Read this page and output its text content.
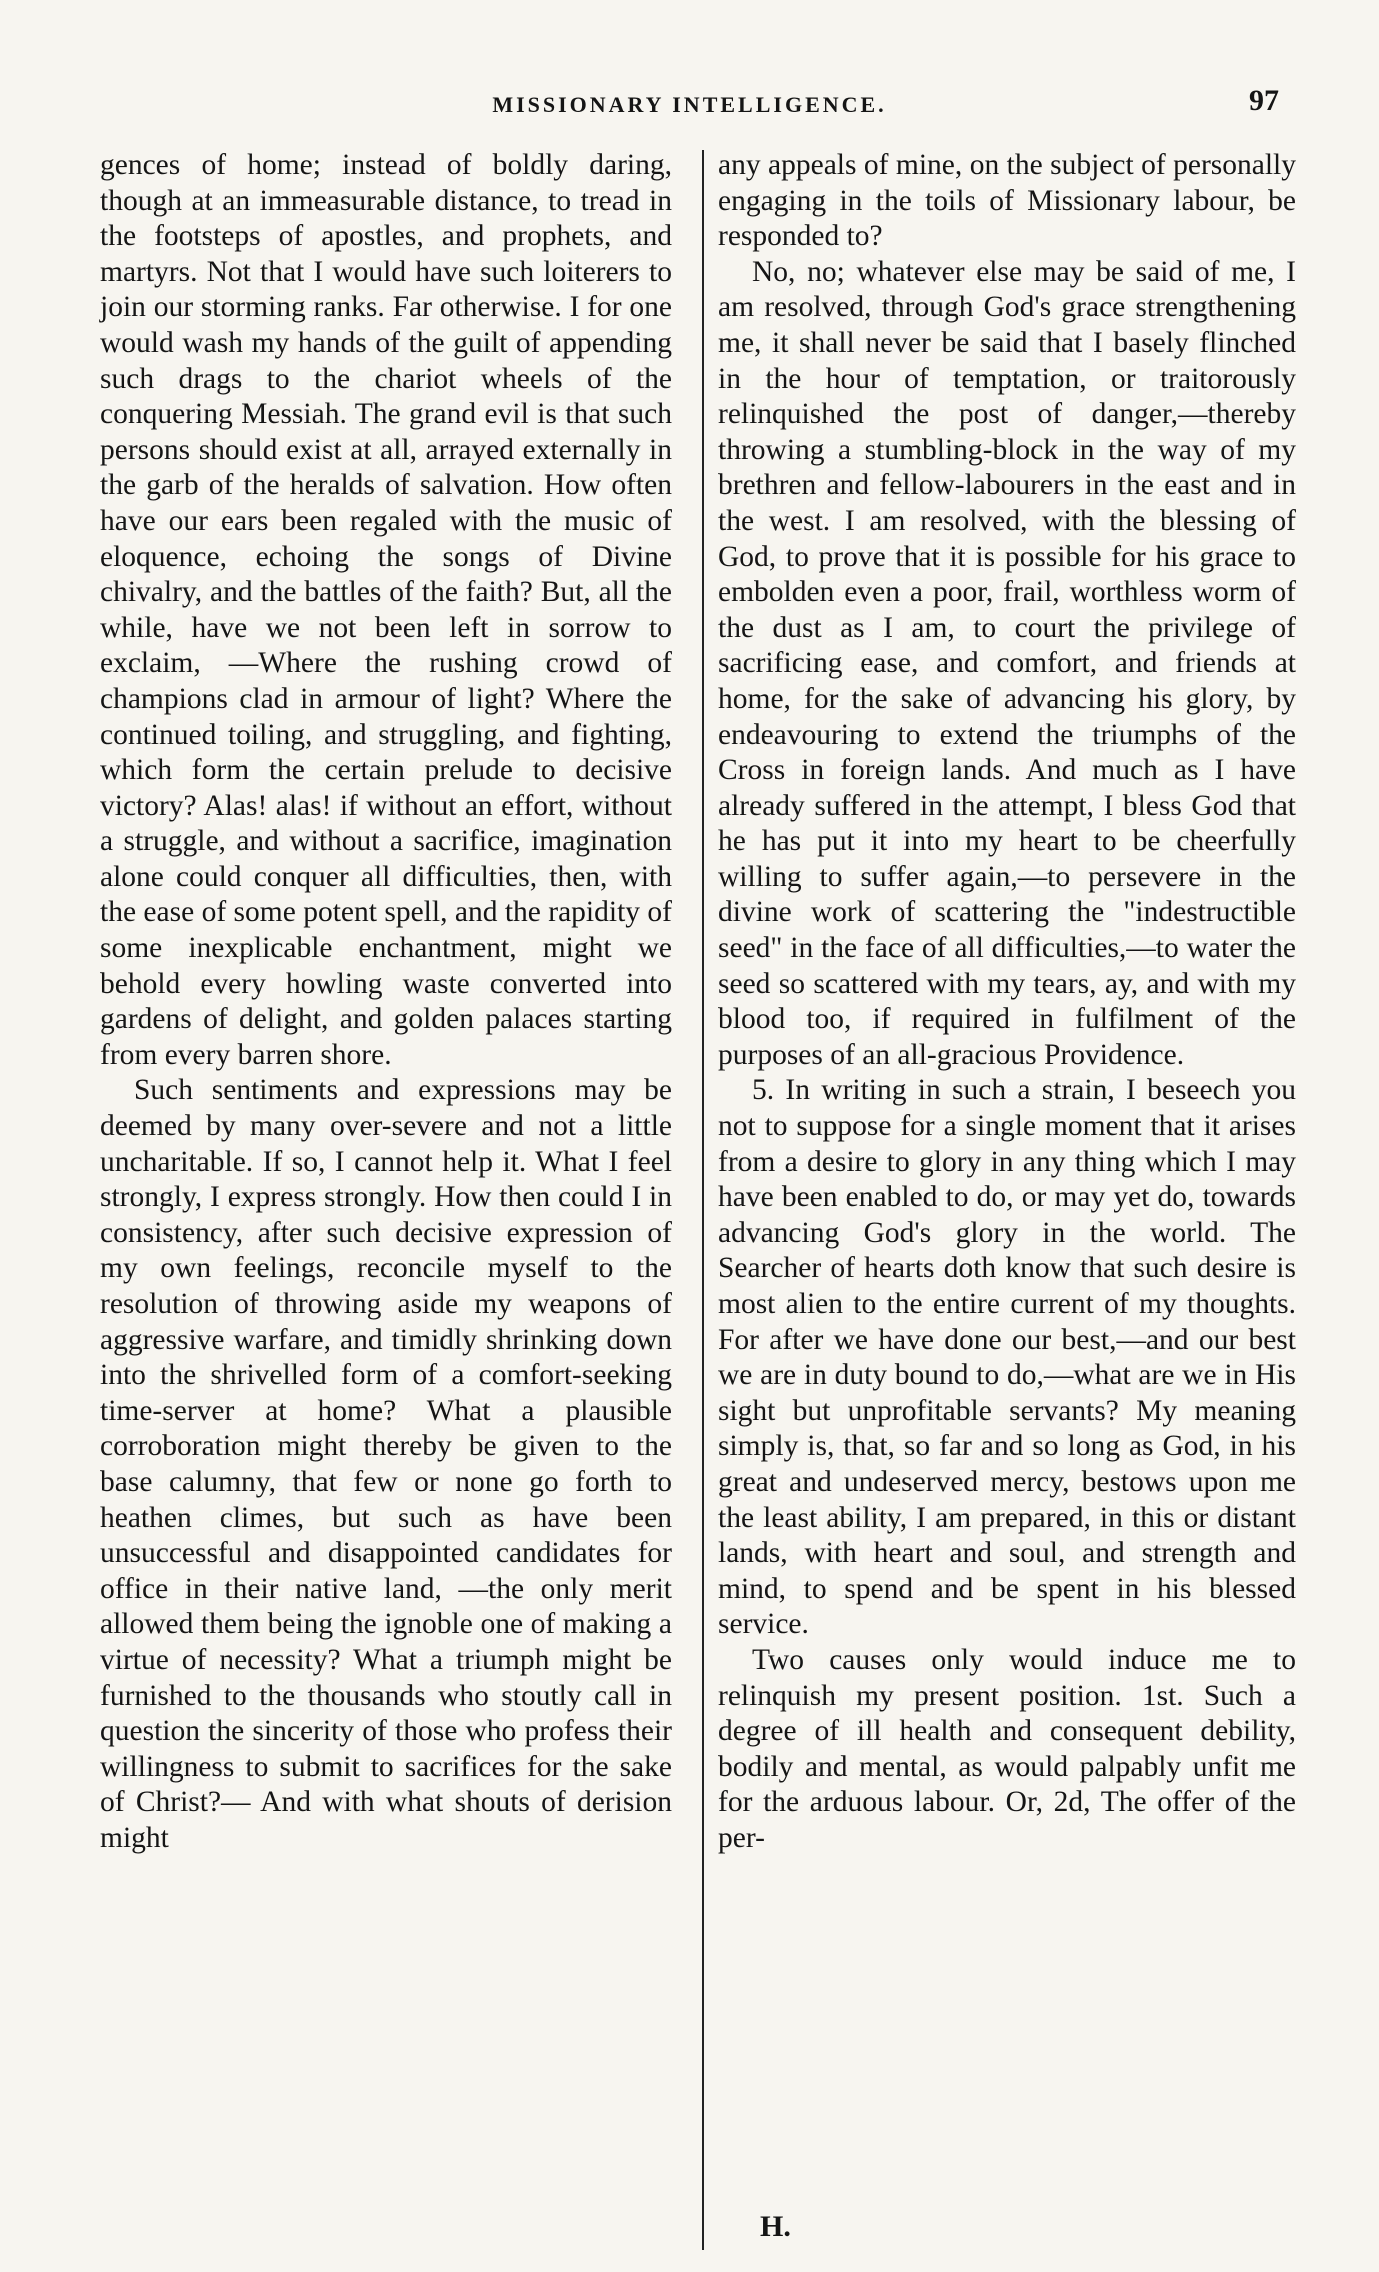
MISSIONARY INTELLIGENCE.	97

gences of home; instead of boldly daring, though at an immeasurable distance, to tread in the footsteps of apostles, and prophets, and martyrs. Not that I would have such loiterers to join our storming ranks. Far otherwise. I for one would wash my hands of the guilt of appending such drags to the chariot wheels of the conquering Messiah. The grand evil is that such persons should exist at all, arrayed externally in the garb of the heralds of salvation. How often have our ears been regaled with the music of eloquence, echoing the songs of Divine chivalry, and the battles of the faith? But, all the while, have we not been left in sorrow to exclaim, —Where the rushing crowd of champions clad in armour of light? Where the continued toiling, and struggling, and fighting, which form the certain prelude to decisive victory? Alas! alas! if without an effort, without a struggle, and without a sacrifice, imagination alone could conquer all difficulties, then, with the ease of some potent spell, and the rapidity of some inexplicable enchantment, might we behold every howling waste converted into gardens of delight, and golden palaces starting from every barren shore.

Such sentiments and expressions may be deemed by many over-severe and not a little uncharitable. If so, I cannot help it. What I feel strongly, I express strongly. How then could I in consistency, after such decisive expression of my own feelings, reconcile myself to the resolution of throwing aside my weapons of aggressive warfare, and timidly shrinking down into the shrivelled form of a comfort-seeking time-server at home? What a plausible corroboration might thereby be given to the base calumny, that few or none go forth to heathen climes, but such as have been unsuccessful and disappointed candidates for office in their native land, —the only merit allowed them being the ignoble one of making a virtue of necessity? What a triumph might be furnished to the thousands who stoutly call in question the sincerity of those who profess their willingness to submit to sacrifices for the sake of Christ?— And with what shouts of derision might

any appeals of mine, on the subject of personally engaging in the toils of Missionary labour, be responded to?

No, no; whatever else may be said of me, I am resolved, through God's grace strengthening me, it shall never be said that I basely flinched in the hour of temptation, or traitorously relinquished the post of danger,—thereby throwing a stumbling-block in the way of my brethren and fellow-labourers in the east and in the west. I am resolved, with the blessing of God, to prove that it is possible for his grace to embolden even a poor, frail, worthless worm of the dust as I am, to court the privilege of sacrificing ease, and comfort, and friends at home, for the sake of advancing his glory, by endeavouring to extend the triumphs of the Cross in foreign lands. And much as I have already suffered in the attempt, I bless God that he has put it into my heart to be cheerfully willing to suffer again,—to persevere in the divine work of scattering the "indestructible seed" in the face of all difficulties,—to water the seed so scattered with my tears, ay, and with my blood too, if required in fulfilment of the purposes of an all-gracious Providence.

5. In writing in such a strain, I beseech you not to suppose for a single moment that it arises from a desire to glory in any thing which I may have been enabled to do, or may yet do, towards advancing God's glory in the world. The Searcher of hearts doth know that such desire is most alien to the entire current of my thoughts. For after we have done our best,—and our best we are in duty bound to do,—what are we in His sight but unprofitable servants? My meaning simply is, that, so far and so long as God, in his great and undeserved mercy, bestows upon me the least ability, I am prepared, in this or distant lands, with heart and soul, and strength and mind, to spend and be spent in his blessed service.

Two causes only would induce me to relinquish my present position. 1st. Such a degree of ill health and consequent debility, bodily and mental, as would palpably unfit me for the arduous labour. Or, 2d, The offer of the per-

H.
